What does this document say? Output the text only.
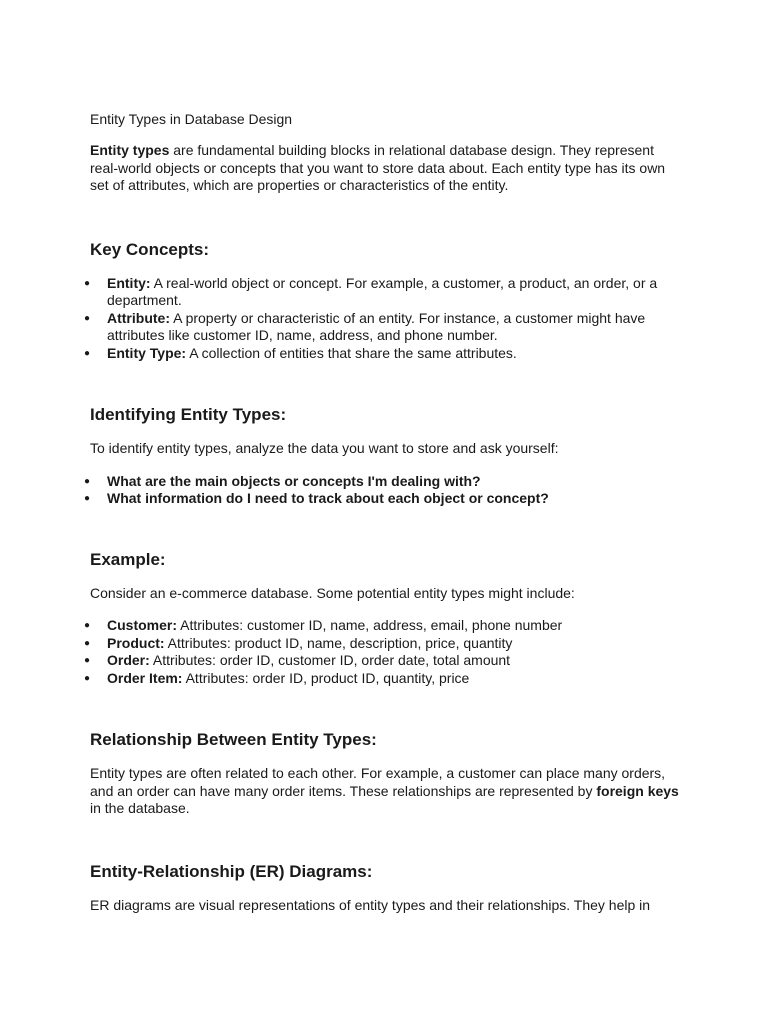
Entity Types in Database Design

Entity types are fundamental building blocks in relational database design. They represent real-world objects or concepts that you want to store data about. Each entity type has its own set of attributes, which are properties or characteristics of the entity.

Key Concepts:
● Entity: A real-world object or concept. For example, a customer, a product, an order, or a department.
● Attribute: A property or characteristic of an entity. For instance, a customer might have attributes like customer ID, name, address, and phone number.
● Entity Type: A collection of entities that share the same attributes.
Identifying Entity Types:

To identify entity types, analyze the data you want to store and ask yourself:

● What are the main objects or concepts I'm dealing with?
● What information do I need to track about each object or concept?
Example:

Consider an e-commerce database. Some potential entity types might include:

● Customer: Attributes: customer ID, name, address, email, phone number
● Product: Attributes: product ID, name, description, price, quantity
● Order: Attributes: order ID, customer ID, order date, total amount
● Order Item: Attributes: order ID, product ID, quantity, price
Relationship Between Entity Types:

Entity types are often related to each other. For example, a customer can place many orders, and an order can have many order items. These relationships are represented by foreign keys in the database.

Entity-Relationship (ER) Diagrams:

ER diagrams are visual representations of entity types and their relationships. They help in
